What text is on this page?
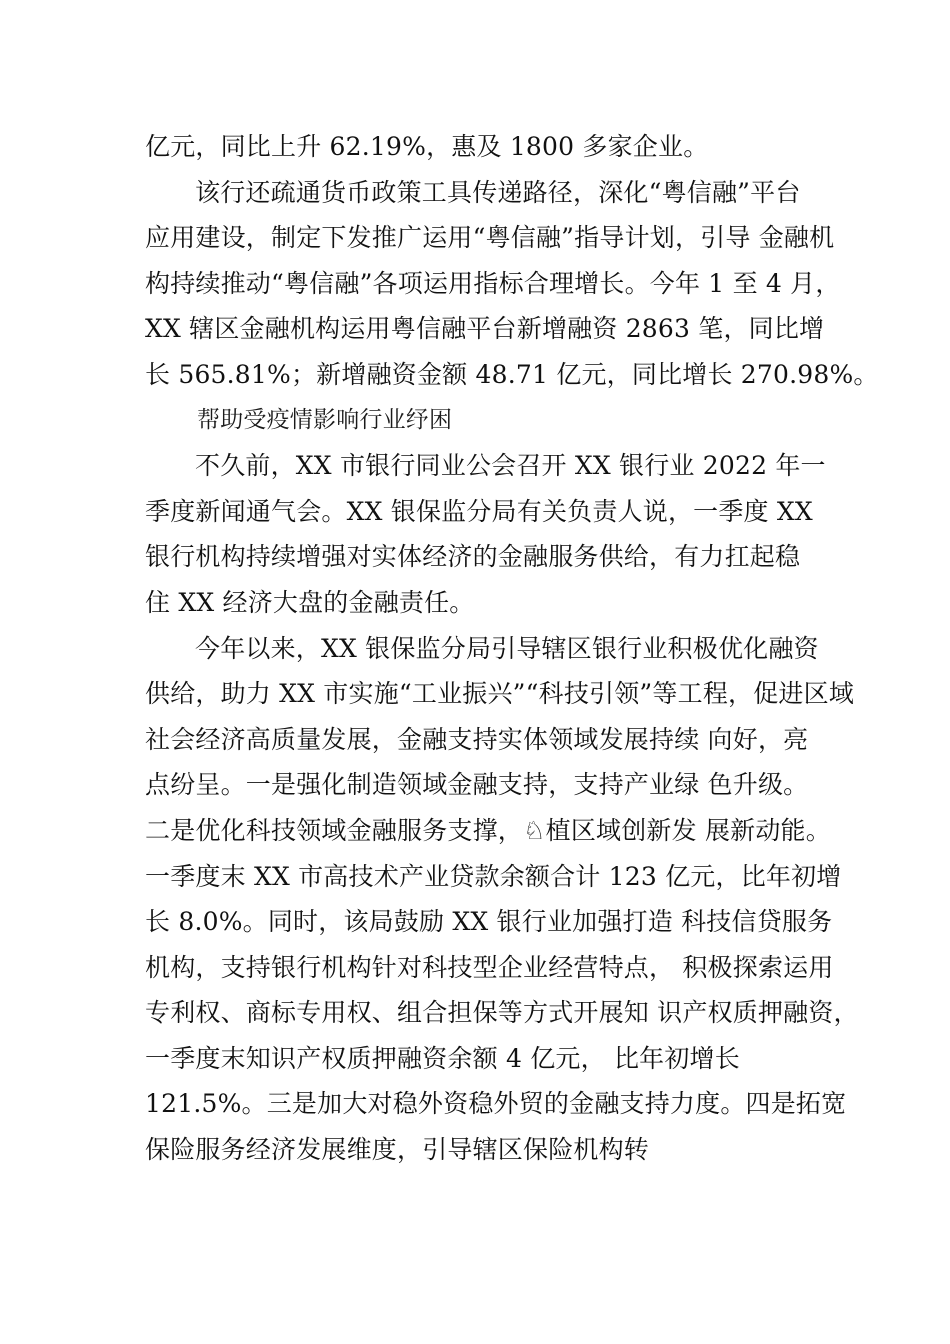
亿元，同比上升 62.19%，惠及 1800 多家企业。
该行还疏通货币政策工具传递路径，深化“粤信融”平台
应用建设，制定下发推广运用“粤信融”指导计划，引导 金融机
构持续推动“粤信融”各项运用指标合理增长。今年 1 至 4 月，
XX 辖区金融机构运用粤信融平台新增融资 2863 笔，同比增
长 565.81%；新增融资金额 48.71 亿元，同比增长 270.98%。
帮助受疫情影响行业纾困
不久前，XX 市银行同业公会召开 XX 银行业 2022 年一
季度新闻通气会。XX 银保监分局有关负责人说，一季度 XX
银行机构持续增强对实体经济的金融服务供给，有力扛起稳
住 XX 经济大盘的金融责任。
今年以来，XX 银保监分局引导辖区银行业积极优化融资
供给，助力 XX 市实施“工业振兴”“科技引领”等工程，促进区域
社会经济高质量发展，金融支持实体领域发展持续 向好，亮
点纷呈。一是强化制造领域金融支持，支持产业绿 色升级。
二是优化科技领域金融服务支撑，♘植区域创新发 展新动能。
一季度末 XX 市高技术产业贷款余额合计 123 亿元，比年初增
长 8.0%。同时，该局鼓励 XX 银行业加强打造 科技信贷服务
机构，支持银行机构针对科技型企业经营特点， 积极探索运用
专利权、商标专用权、组合担保等方式开展知 识产权质押融资，
一季度末知识产权质押融资余额 4 亿元， 比年初增长
121.5%。三是加大对稳外资稳外贸的金融支持力度。四是拓宽
保险服务经济发展维度，引导辖区保险机构转
